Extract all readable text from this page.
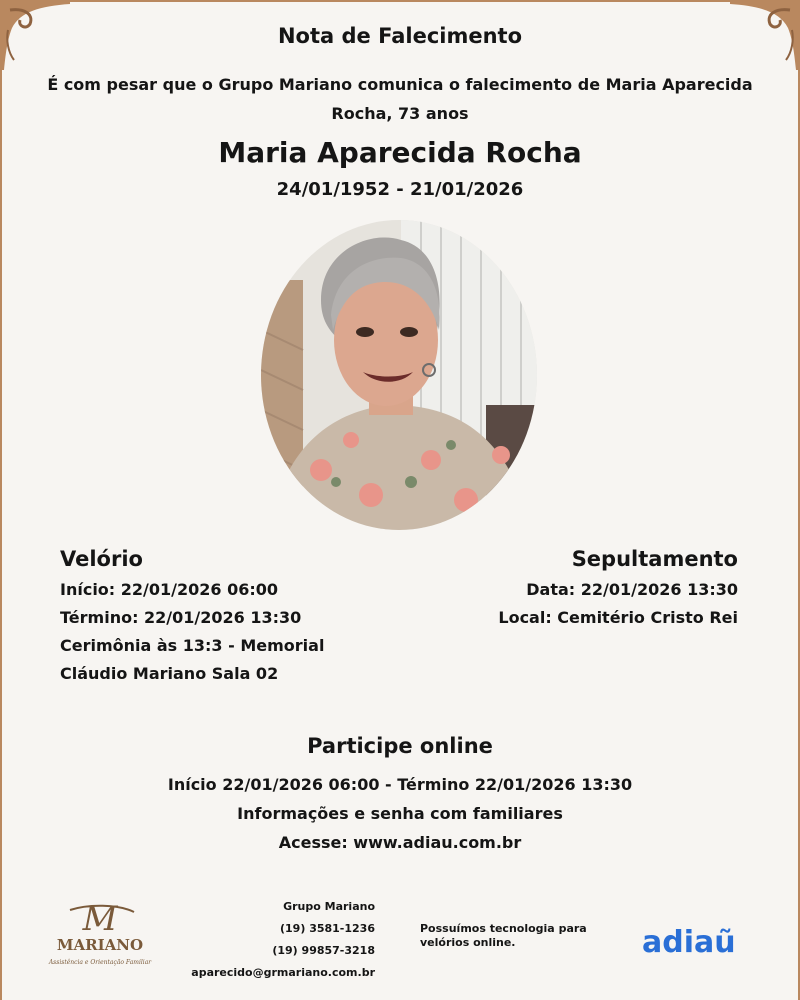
Nota de Falecimento
É com pesar que o Grupo Mariano comunica o falecimento de Maria Aparecida Rocha, 73 anos
Maria Aparecida Rocha
24/01/1952 - 21/01/2026
Velório
Início: 22/01/2026 06:00
Término: 22/01/2026 13:30
Cerimônia às 13:3 - Memorial Cláudio Mariano Sala 02
Sepultamento
Data: 22/01/2026 13:30
Local: Cemitério Cristo Rei
Participe online
Início 22/01/2026 06:00 - Término 22/01/2026 13:30
Informações e senha com familiares
Acesse: www.adiau.com.br
M
MARIANO
Assistência e Orientação Familiar
Grupo Mariano
(19) 3581-1236
(19) 99857-3218
aparecido@grmariano.com.br
Possuímos tecnologia para velórios online.	adiaũ
